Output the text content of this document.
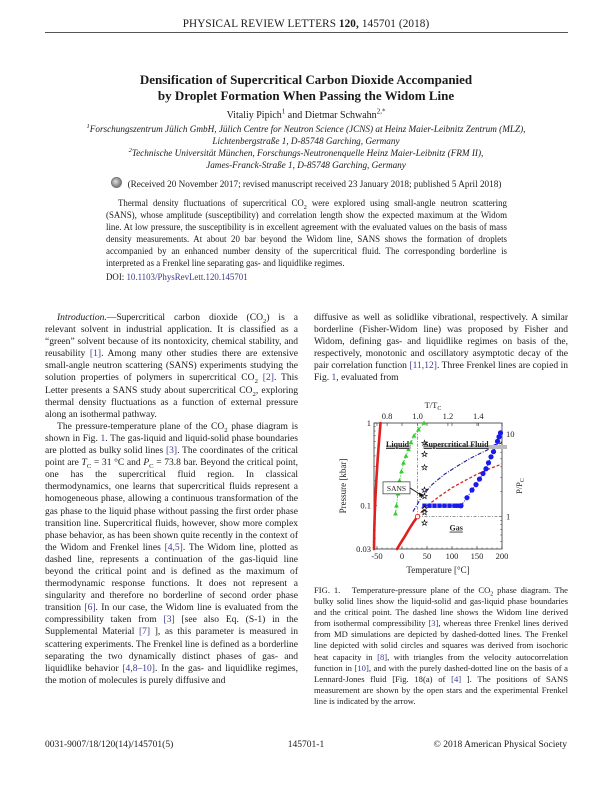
PHYSICAL REVIEW LETTERS 120, 145701 (2018)
Densification of Supercritical Carbon Dioxide Accompanied
by Droplet Formation When Passing the Widom Line
Vitaliy Pipich$^1$ and Dietmar Schwahn$^{2,*}$
$^1$Forschungszentrum Jülich GmbH, Jülich Centre for Neutron Science (JCNS) at Heinz Maier-Leibnitz Zentrum (MLZ),
Lichtenbergstraße 1, D-85748 Garching, Germany
$^2$Technische Universität München, Forschungs-Neutronenquelle Heinz Maier-Leibnitz (FRM II),
James-Franck-Straße 1, D-85748 Garching, Germany
(Received 20 November 2017; revised manuscript received 23 January 2018; published 5 April 2018)

Thermal density fluctuations of supercritical $CO_2$ were explored using small-angle neutron scattering (SANS), whose amplitude (susceptibility) and correlation length show the expected maximum at the Widom line. At low pressure, the susceptibility is in excellent agreement with the evaluated values on the basis of mass density measurements. At about 20 bar beyond the Widom line, SANS shows the formation of droplets accompanied by an enhanced number density of the supercritical fluid. The corresponding borderline is interpreted as a Frenkel line separating gas- and liquidlike regimes.

DOI: 10.1103/PhysRevLett.120.145701

Introduction.—Supercritical carbon dioxide $(CO_2)$ is a relevant solvent in industrial application. It is classified as a “green” solvent because of its nontoxicity, chemical stability, and reusability [1]. Among many other studies there are extensive small-angle neutron scattering (SANS) experiments studying the solution properties of polymers in supercritical $CO_2$ [2]. This Letter presents a SANS study about supercritical $CO_2$, exploring thermal density fluctuations as a function of external pressure along an isothermal pathway.

The pressure-temperature plane of the $CO_2$ phase diagram is shown in Fig. 1. The gas-liquid and liquid-solid phase boundaries are plotted as bulky solid lines [3]. The coordinates of the critical point are $T_C = 31$ °C and $P_C = 73.8$ bar. Beyond the critical point, one has the supercritical fluid region. In classical thermodynamics, one learns that supercritical fluids represent a homogeneous phase, allowing a continuous transformation of the gas phase to the liquid phase without passing the first order phase transition line. Supercritical fluids, however, show more complex phase behavior, as has been shown quite recently in the context of the Widom and Frenkel lines [4,5]. The Widom line, plotted as dashed line, represents a continuation of the gas-liquid line beyond the critical point and is defined as the maximum of thermodynamic response functions. It does not represent a singularity and therefore no borderline of second order phase transition [6]. In our case, the Widom line is evaluated from the compressibility taken from [3] [see also Eq. (S-1) in the Supplemental Material [7] ], as this parameter is measured in scattering experiments. The Frenkel line is defined as a borderline separating the two dynamically distinct phases of gas- and liquidlike behavior [4,8–10]. In the gas- and liquidlike regimes, the motion of molecules is purely diffusive and

diffusive as well as solidlike vibrational, respectively. A similar borderline (Fisher-Widom line) was proposed by Fisher and Widom, defining gas- and liquidlike regimes on basis of the, respectively, monotonic and oscillatory asymptotic decay of the pair correlation function [11,12]. Three Frenkel lines are copied in Fig. 1, evaluated from

-50 0 50 100 150 200
Temperature [°C]
0.03
0.1
1
Pressure [kbar]
0.8 1.0 1.2 1.4
$T/T_C$
1
10
$P/P_C$
Liquid Supercritical Fluid
Gas
SANS
FIG. 1.   Temperature-pressure plane of the $CO_2$ phase diagram. The bulky solid lines show the liquid-solid and gas-liquid phase boundaries and the critical point. The dashed line shows the Widom line derived from isothermal compressibility [3], whereas three Frenkel lines derived from MD simulations are depicted by dashed-dotted lines. The Frenkel line depicted with solid circles and squares was derived from isochoric heat capacity in [8], with triangles from the velocity autocorrelation function in [10], and with the purely dashed-dotted line on the basis of a Lennard-Jones fluid [Fig. 18(a) of [4] ]. The positions of SANS measurement are shown by the open stars and the experimental Frenkel line is indicated by the arrow.
0031-9007/18/120(14)/145701(5)	145701-1	© 2018 American Physical Society
